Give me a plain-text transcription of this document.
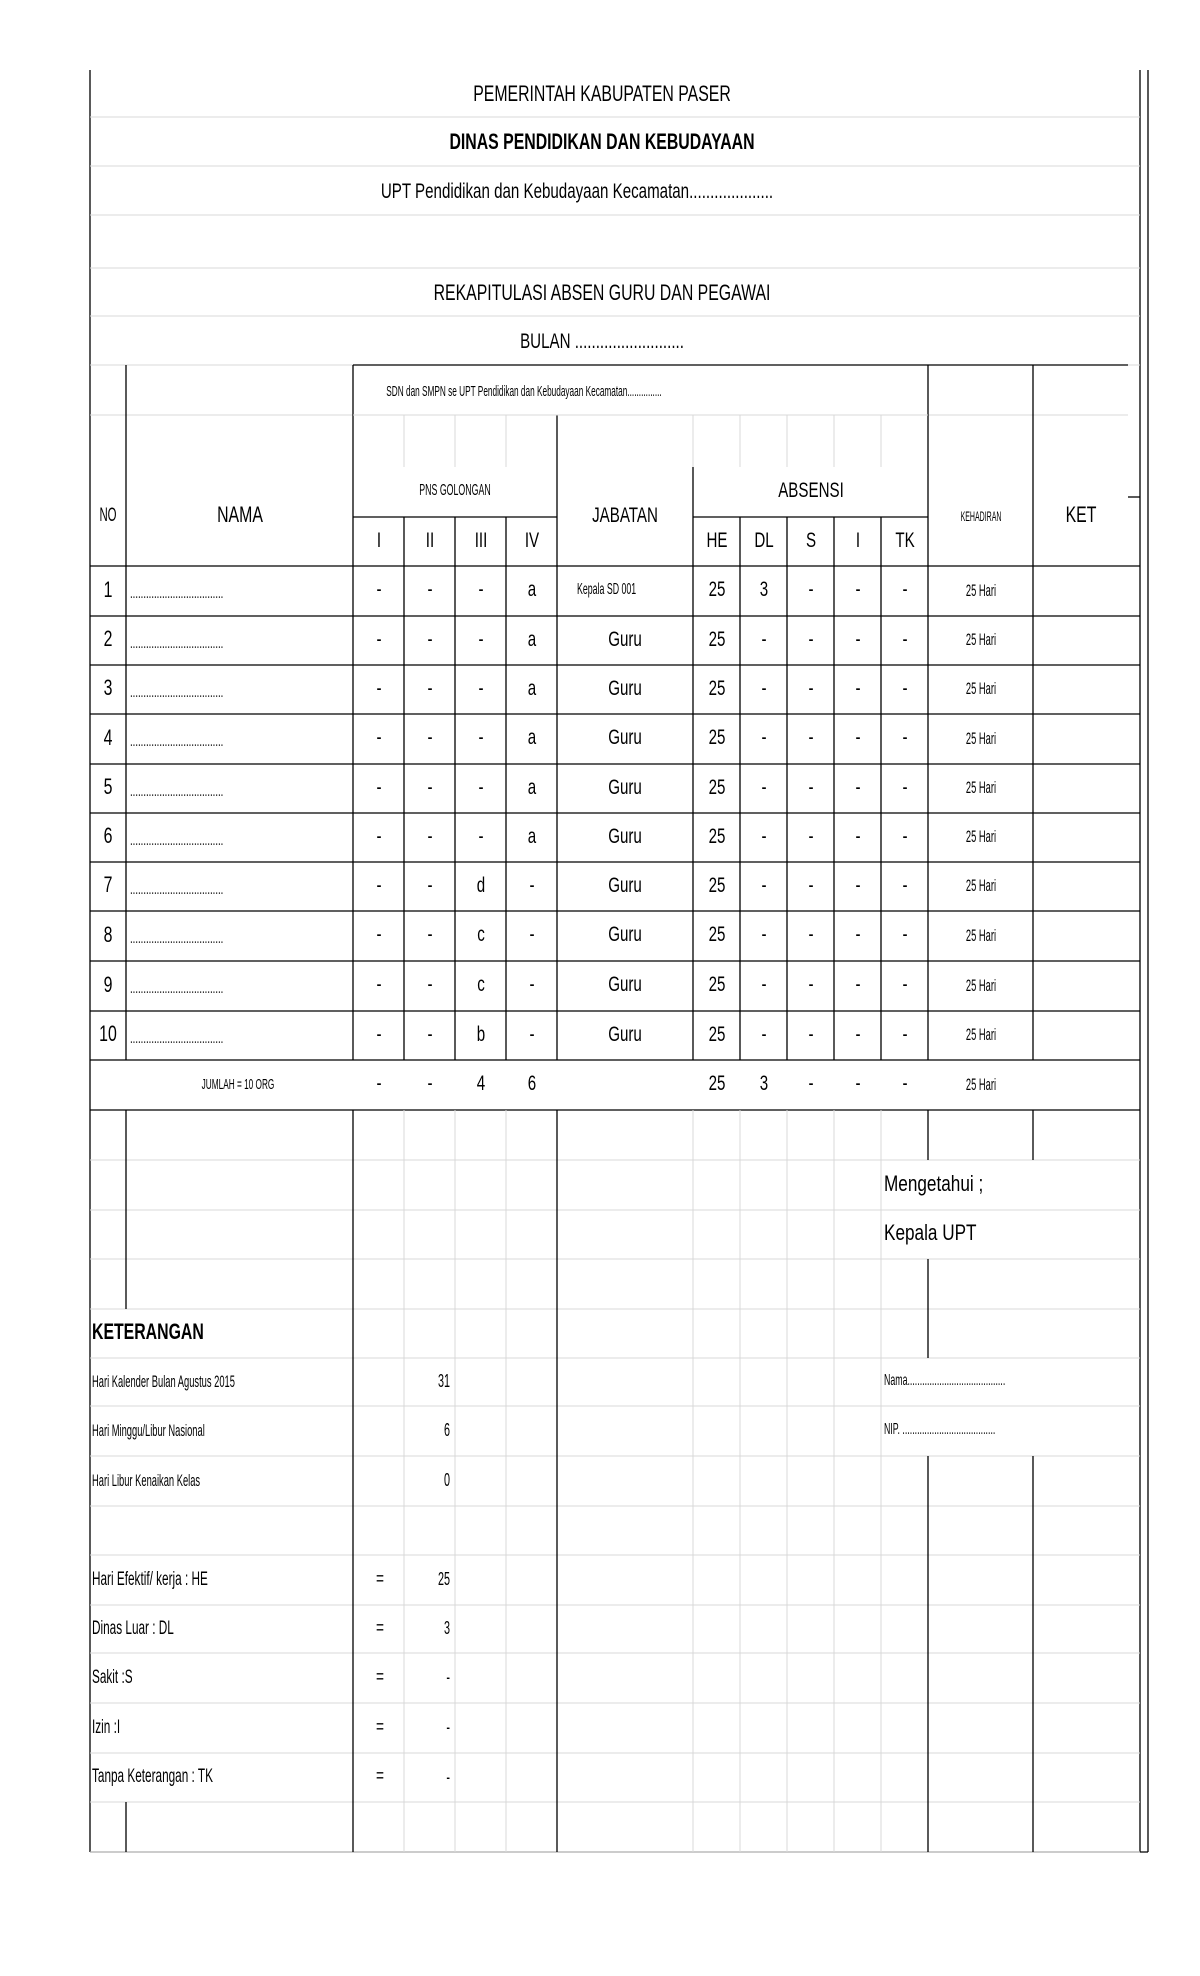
PEMERINTAH KABUPATEN PASER
DINAS PENDIDIKAN DAN KEBUDAYAAN
UPT Pendidikan dan Kebudayaan Kecamatan....................
REKAPITULASI ABSEN GURU DAN PEGAWAI
BULAN ..........................
SDN dan SMPN se UPT Pendidikan dan Kebudayaan Kecamatan...............
NO	NAMA
PNS GOLONGAN
I II III IV
JABATAN
ABSENSI
HE DL S I TK
KEHADIRAN	KET
1 ...................................	- - - a	Kepala SD 001	25 3 - - -	25 Hari
2 ...................................	- - - a	Guru	25 - - - -	25 Hari
3 ...................................	- - - a	Guru	25 - - - -	25 Hari
4 ...................................	- - - a	Guru	25 - - - -	25 Hari
5 ...................................	- - - a	Guru	25 - - - -	25 Hari
6 ...................................	- - - a	Guru	25 - - - -	25 Hari
7 ...................................	- - d -	Guru	25 - - - -	25 Hari
8 ...................................	- - c -	Guru	25 - - - -	25 Hari
9 ...................................	- - c -	Guru	25 - - - -	25 Hari
10 ...................................	- - b -	Guru	25 - - - -	25 Hari
JUMLAH = 10 ORG	- - 4 6	25 3 - - -	25 Hari
Mengetahui ;
Kepala UPT
Nama........................................
NIP. ......................................
KETERANGAN
Hari Kalender Bulan Agustus 2015	31
Hari Minggu/Libur Nasional	6
Hari Libur Kenaikan Kelas	0
Hari Efektif/ kerja : HE	=	25
Dinas Luar : DL	=	3
Sakit :S	=	-
Izin :I	=	-
Tanpa Keterangan : TK	=	-
